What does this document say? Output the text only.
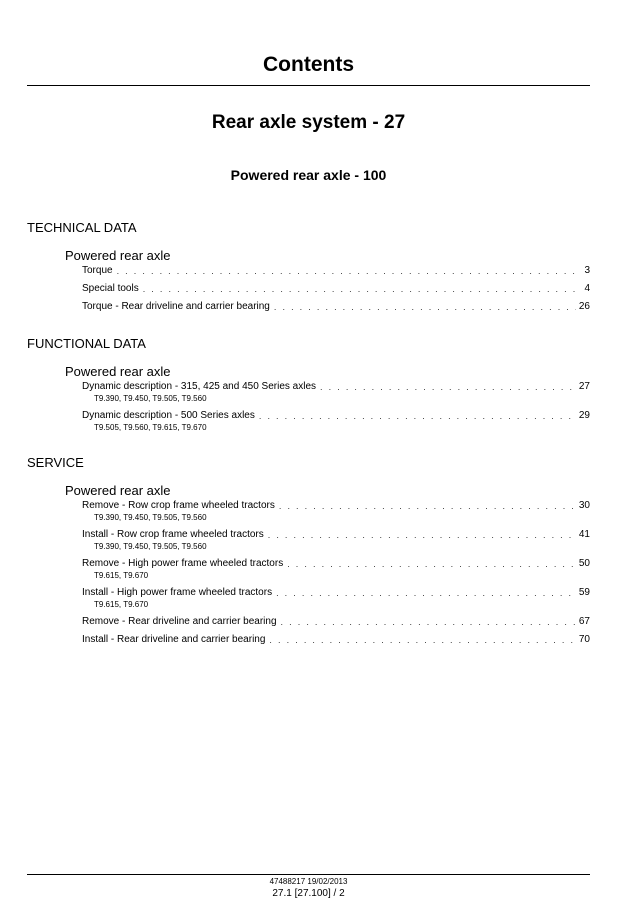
Contents
Rear axle system - 27
Powered rear axle - 100
TECHNICAL DATA
Powered rear axle
Torque . . .	3
Special tools . . .	4
Torque - Rear driveline and carrier bearing . . .	26
FUNCTIONAL DATA
Powered rear axle
Dynamic description - 315, 425 and 450 Series axles . . .	27
T9.390, T9.450, T9.505, T9.560
Dynamic description - 500 Series axles . . .	29
T9.505, T9.560, T9.615, T9.670
SERVICE
Powered rear axle
Remove - Row crop frame wheeled tractors . . .	30
T9.390, T9.450, T9.505, T9.560
Install - Row crop frame wheeled tractors . . .	41
T9.390, T9.450, T9.505, T9.560
Remove - High power frame wheeled tractors . . .	50
T9.615, T9.670
Install - High power frame wheeled tractors . . .	59
T9.615, T9.670
Remove - Rear driveline and carrier bearing . . .	67
Install - Rear driveline and carrier bearing . . .	70
47488217 19/02/2013
27.1 [27.100] / 2
